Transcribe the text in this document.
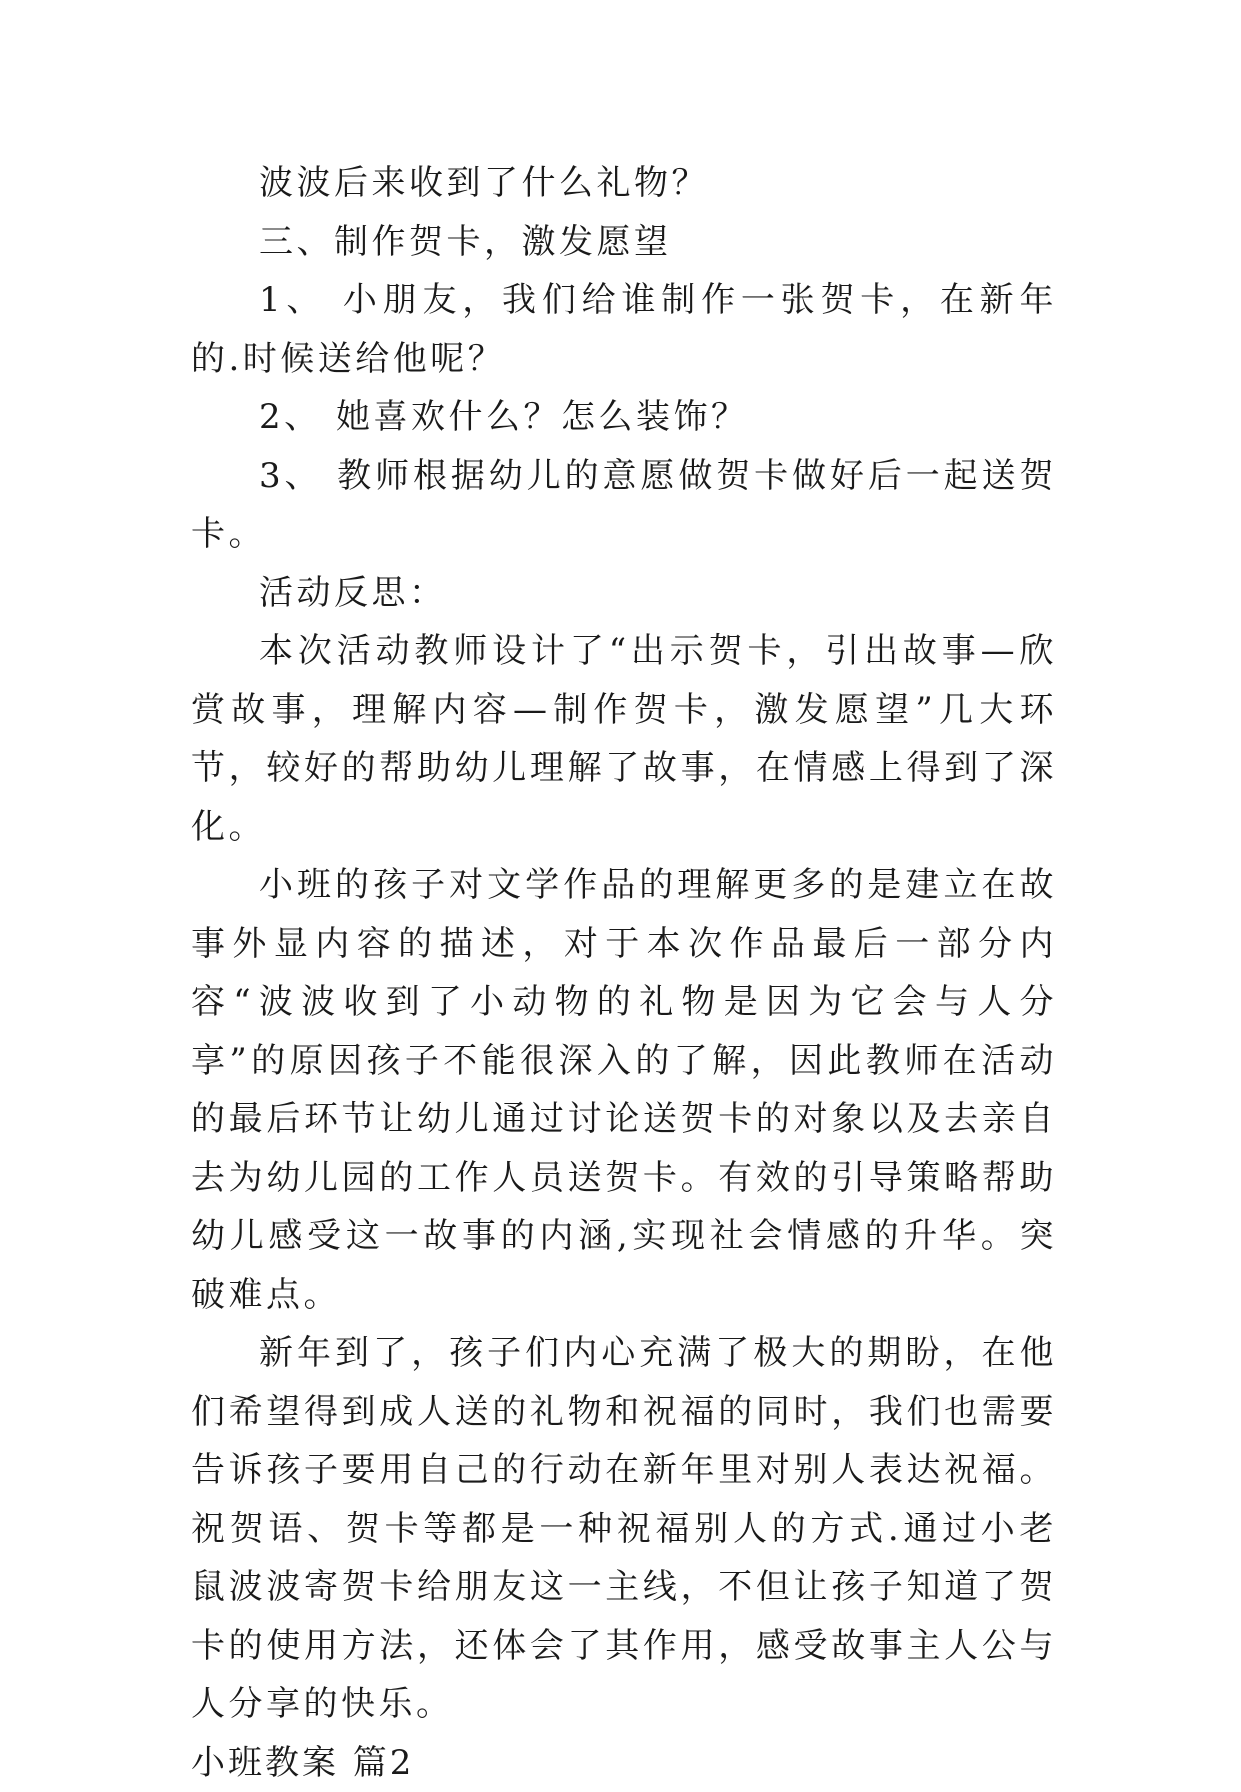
波波后来收到了什么礼物？

三、制作贺卡，激发愿望

1、 小朋友，我们给谁制作一张贺卡，在新年的.时候送给他呢？

2、 她喜欢什么？怎么装饰？

3、 教师根据幼儿的意愿做贺卡做好后一起送贺卡。

活动反思：

本次活动教师设计了“出示贺卡，引出故事—欣赏故事，理解内容—制作贺卡，激发愿望”几大环节，较好的帮助幼儿理解了故事，在情感上得到了深化。

小班的孩子对文学作品的理解更多的是建立在故事外显内容的描述，对于本次作品最后一部分内容“波波收到了小动物的礼物是因为它会与人分享”的原因孩子不能很深入的了解，因此教师在活动的最后环节让幼儿通过讨论送贺卡的对象以及去亲自去为幼儿园的工作人员送贺卡。有效的引导策略帮助幼儿感受这一故事的内涵,实现社会情感的升华。突破难点。

新年到了，孩子们内心充满了极大的期盼，在他们希望得到成人送的礼物和祝福的同时，我们也需要告诉孩子要用自己的行动在新年里对别人表达祝福。祝贺语、贺卡等都是一种祝福别人的方式.通过小老鼠波波寄贺卡给朋友这一主线，不但让孩子知道了贺卡的使用方法，还体会了其作用，感受故事主人公与人分享的快乐。

小班教案 篇2
